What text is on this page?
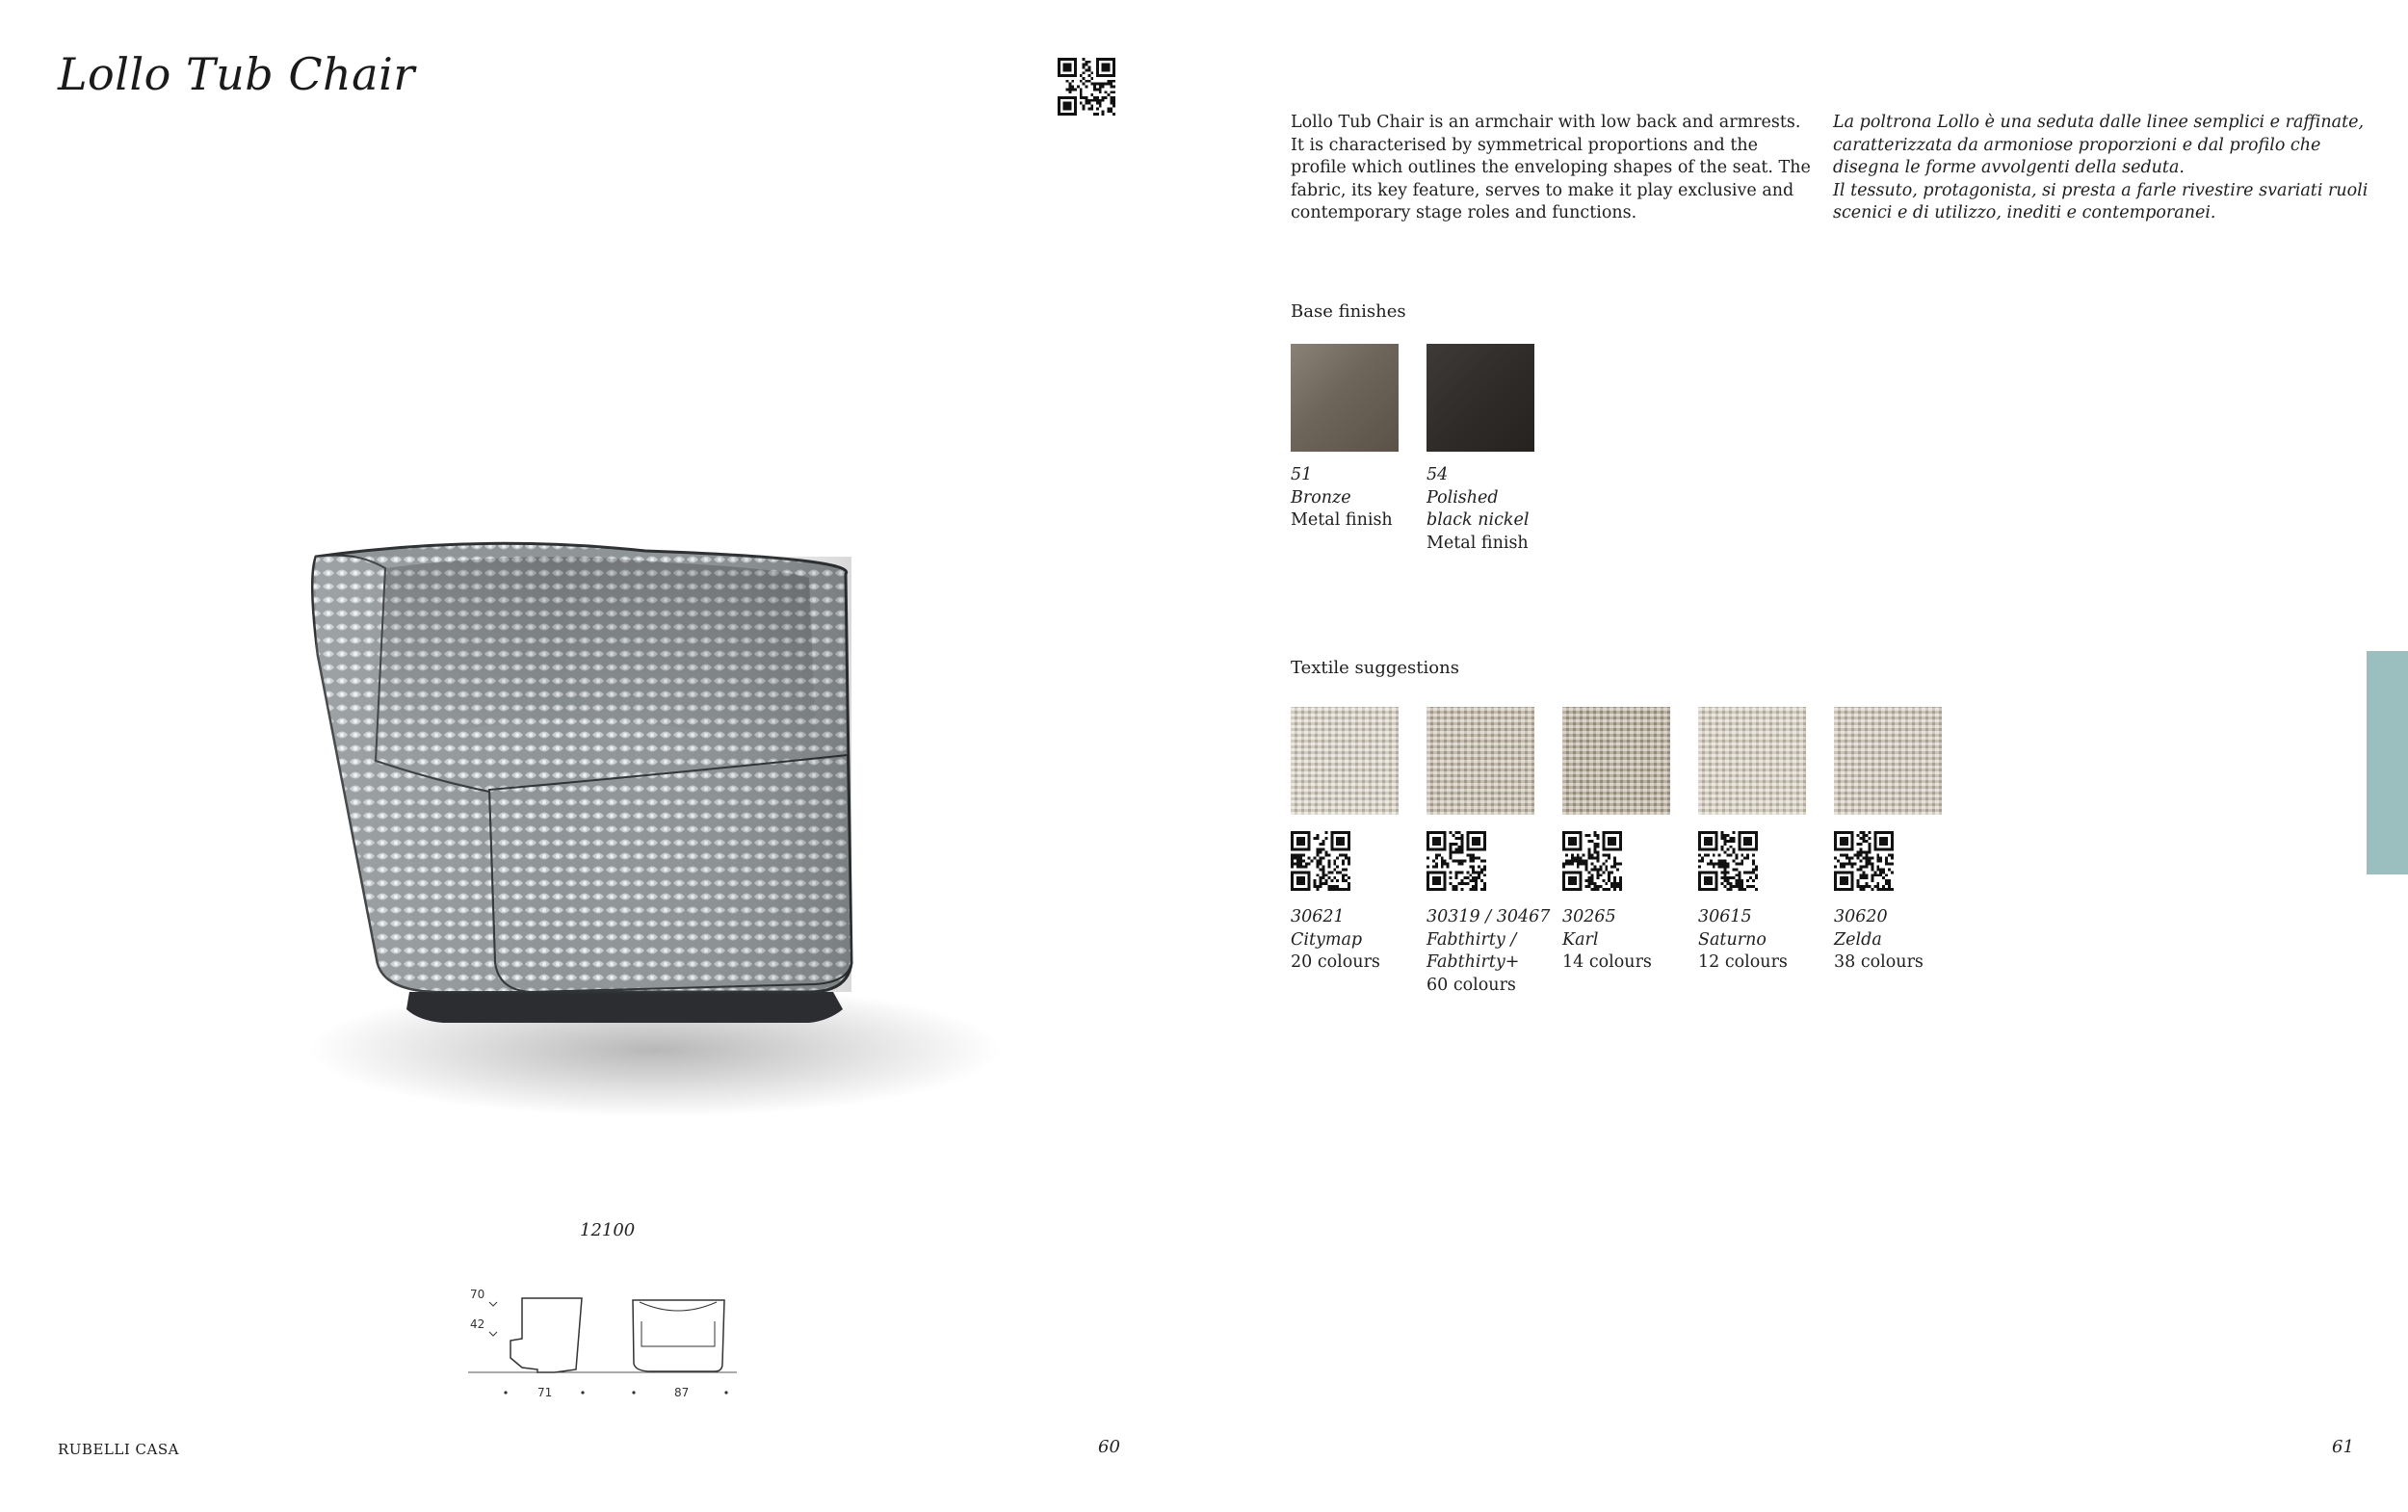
Lollo Tub Chair
12100
70
42
71	87
RUBELLI CASA	60	61
Lollo Tub Chair is an armchair with low back and armrests. It is characterised by symmetrical proportions and the profile which outlines the enveloping shapes of the seat. The fabric, its key feature, serves to make it play exclusive and contemporary stage roles and functions.
La poltrona Lollo è una seduta dalle linee semplici e raffinate, caratterizzata da armoniose proporzioni e dal profilo che disegna le forme avvolgenti della seduta.
Il tessuto, protagonista, si presta a farle rivestire svariati ruoli scenici e di utilizzo, inediti e contemporanei.
Base finishes
51
Bronze
Metal finish
54
Polished black nickel
Metal finish
Textile suggestions
30621
Citymap
20 colours
30319 / 30467
Fabthirty / Fabthirty+
60 colours
30265
Karl
14 colours
30615
Saturno
12 colours
30620
Zelda
38 colours
